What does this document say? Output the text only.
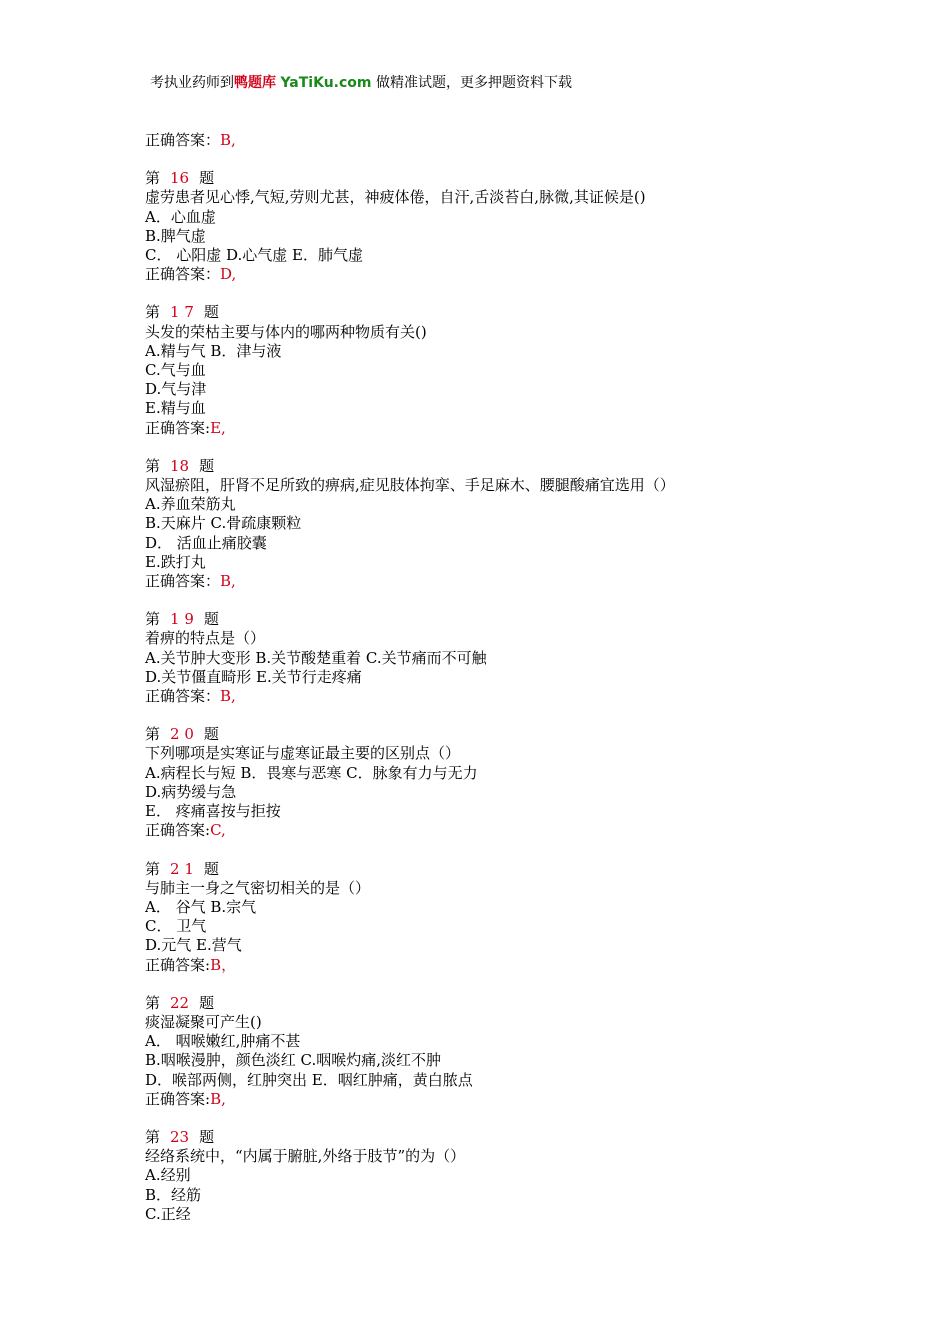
考执业药师到鸭题库 YaTiKu.com 做精准试题，更多押题资料下载
正确答案：B,
第 16 题
虚劳患者见心悸,气短,劳则尤甚，神疲体倦，自汗,舌淡苔白,脉微,其证候是()
A．心血虚
B.脾气虚
C． 心阳虚 D.心气虚 E．肺气虚
正确答案：D,
第 1 7 题
头发的荣枯主要与体内的哪两种物质有关()
A.精与气 B．津与液
C.气与血
D.气与津
E.精与血
正确答案:E,
第 18 题
风湿瘀阻，肝肾不足所致的痹病,症见肢体拘挛、手足麻木、腰腿酸痛宜选用（）
A.养血荣筋丸
B.天麻片 C.骨疏康颗粒
D． 活血止痛胶囊
E.跌打丸
正确答案：B,
第 1 9 题
着痹的特点是（）
A.关节肿大变形 B.关节酸楚重着 C.关节痛而不可触
D.关节僵直畸形 E.关节行走疼痛
正确答案：B,
第 2 0 题
下列哪项是实寒证与虚寒证最主要的区别点（）
A.病程长与短 B．畏寒与恶寒 C．脉象有力与无力
D.病势缓与急
E． 疼痛喜按与拒按
正确答案:C,
第 2 1 题
与肺主一身之气密切相关的是（）
A． 谷气 B.宗气
C． 卫气
D.元气 E.营气
正确答案:B，
第 22 题
痰湿凝聚可产生()
A． 咽喉嫩红,肿痛不甚
B.咽喉漫肿，颜色淡红 C.咽喉灼痛,淡红不肿
D．喉部两侧，红肿突出 E．咽红肿痛，黄白脓点
正确答案:B,
第 23 题
经络系统中，“内属于腑脏,外络于肢节”的为（）
A.经别
B．经筋
C.正经
